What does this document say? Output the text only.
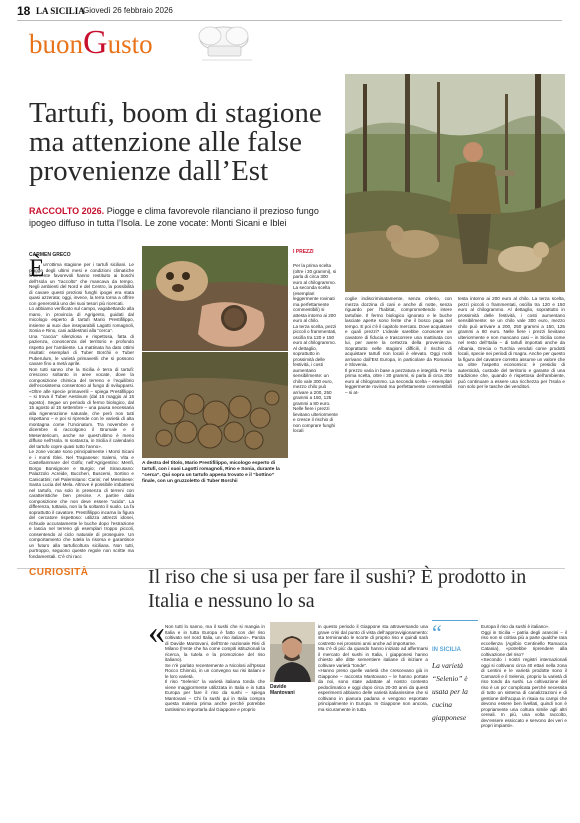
18 LA SICILIA
Giovedì 26 febbraio 2026
buonGusto
Tartufi, boom di stagione ma attenzione alle false provenienze dall’Est
RACCOLTO 2026. Piogge e clima favorevole rilanciano il prezioso fungo ipogeo diffuso in tutta l’Isola. Le zone vocate: Monti Sicani e Iblei
A destra del titolo, Mario Prestifilippo, micologo esperto di tartufi, con i suoi Lagotti romagnoli, Rino e Sonia, durante la “cerca”. Qui sopra un tartufo appena trovato e il “bottino” finale, con un gruzzoletto di Tuber Borchii
CARMEN GRECO
È
un’ottima stagione per i tartufi siciliani. Le piogge degli ultimi mesi e condizioni climatiche finalmente favorevoli hanno restituito ai boschi dell’Isola un “raccolto” che mancava da tempo. Negli ambienti del Nord e del Centro, la possibilità di cavare questi preziosi funghi ipogei era stata quasi azzerata; oggi, invece, la terra torna a offrire con generosità uno dei suoi tesori più ricercati.
Lo abbiamo verificato sul campo, vagabettando alla mano, in provincia di Agrigento, guidati dal micologo esperto di tartufi Mario Prestifilippo, insieme ai suoi due inseparabili Lagotti romagnoli, Sonia e Rino, cani addestrati alla “cerca”.
Una “caccia” silenziosa e rispettosa, fatta di pazienza, conoscenza del territorio e profondo rispetto per l’ambiente. La mattinata ha dato ottimi risultati: esemplari di Tuber Borchii e Tuber Puberulum, le varietà primaverili che si possono cavare fino a metà aprile.
Non tutti sanno che la Sicilia è terra di tartufi: crescono soltanto in aree vocate, dove la composizione chimica del terreno e l’equilibrio dell’ecosistema consentono al fungo di svilupparsi. «Oltre alle specie primaverili – spiega Prestifilippo – si trova il Tuber Aestivum (dal 15 maggio al 15 agosto). Segue un periodo di fermo biologico, dal 15 agosto al 15 settembre – una pausa necessaria alla rigenerazione naturale, che però non tutti rispettano – e poi si riprende con le varietà di alta montagna come l’Uncinatum. Tra novembre e dicembre si raccolgono il Brumale e il Mesentericum, anche se quest’ultimo è meno diffuso nell’Isola. In sostanza, in Sicilia il calendario del tartufo copre quasi tutto l’anno».
Le zone vocate sono principalmente i Monti Sicani e i monti Iblei. Nel Trapanese: Salemi, Vita e Castellammare del Golfo; nell’Agrigentino: Menfi, Borgo Bonsignore e Burgio; nel Siracusano: Palazzolo Acreide, Buccheri, Buscemi, Sortino e Canicattini; nel Palermitano: Carini; nel Messinese: Santa Lucia del Mela. Altrove è possibile imbattersi nel tartufo, ma solo in presenza di terreni con caratteristiche ben precise. A partire dalla composizione che non deve essere “acida”. La differenza, tuttavia, non la fa soltanto il suolo. La fa soprattutto il cavatore. Prestifilippo incarna la figura del cercatore rispettoso: utilizza attrezzi idonei, richiude accuratamente le buche dopo l’estrazione e lascia nel terreno gli esemplari troppo piccoli, consentendo al ciclo naturale di proseguire. Un comportamento che tutela la risorsa e garantisce un futuro alla tartuficoltura siciliana. Non tutti, purtroppo, seguono queste regole non scritte ma fondamentali. C’è chi racc
I PREZZI
Per la prima scelta (oltre i 30 grammi), si parla di circa 300 euro al chilogrammo. La seconda scelta (esemplari leggermente rovinati ma perfettamente commestibili) si attesta intorno ai 200 euro al chilo.
La terza scelta, pezzi piccoli o frammentati, oscilla tra 120 e 150 euro al chilogrammo.
Al dettaglio, soprattutto in prossimità delle festività, i costi aumentano sensibilmente: un chilo vale 300 euro, mezzo chilo può arrivare a 200, 250 grammi a 150, 125 grammi a 80 euro. Nelle fiere i prezzi lievitano ulteriormente e cresce il rischio di non comprare funghi locali
coglie indiscriminatamente, senza criterio, con mezza dozzina di cani e anche di notte, senza riguardo per l’habitat, compromettendo intere tartufaie. Il fermo biologico ignorato e le buche lasciate aperte sono ferite che il bosco paga nel tempo. E poi c’è il capitolo mercato. Dove acquistare e quali prezzi? L’ideale sarebbe conoscere un cavatore di fiducia e trascorrere una mattinata con lui, per avere la certezza della provenienza. Soprattutto nelle stagioni difficili, il rischio di acquistare tartufi non locali è elevato. Oggi molti arrivano dall’Est Europa, in particolare da Romania e Slovenia.
Il prezzo varia in base a pezzatura e integrità. Per la prima scelta, oltre i 30 grammi, si parla di circa 300 euro al chilogrammo. La seconda scelta – esemplari leggermente rovinati ma perfettamente commestibili – si at-
testa intorno ai 200 euro al chilo. La terza scelta, pezzi piccoli o frammentati, oscilla tra 120 e 150 euro al chilogrammo. Al dettaglio, soprattutto in prossimità delle festività, i costi aumentano sensibilmente: se un chilo vale 300 euro, mezzo chilo può arrivare a 200, 250 grammi a 150, 125 grammi a 80 euro. Nelle fiere i prezzi lievitano ulteriormente e non mancano casi – in Sicilia come nel resto dell’Italia – di tartufi importati anche da Albania, Grecia o Turchia venduti come prodotti locali, specie nei periodi di magra. Anche per questo la figura del cavatore corretto assume un valore che va oltre l’aspetto economico: è presidio di autenticità, custode del territorio e garante di una tradizione che, quando è rispettosa dell’ambiente, può continuare a essere una ricchezza per l’Isola e non solo per le tasche dei venditori.
CURIOSITÀ	Il riso che si usa per fare il sushi? È prodotto in Italia e nessuno lo sa
« Non tutti lo sanno, ma il sushi che si mangia in Italia e in tutta Europa è fatto con del riso coltivato nel nord Italia, un riso italiano». Parola di Davide Mantovani, dell’Ente nazionale Risi di Milano (l’ente che ha come compiti istituzionali la ricerca, la tutela e la promozione del riso italiano).
Se n’è parlato recentemente a Nicolosi all’Ipssat Rocco Chinnici, in un convegno sui risi italiani e le loro varietà.
Il riso “Selenio” la varietà italiana tonda che viene maggiormente utilizzata in Italia e in tutta Europa per fare il riso da sushi – spiega Mantovani – Chi fa sushi qui in Italia compra questa materia prima anche perché potrebbe tantissimo importarla dal Giappone e proprio
Davide Mantovani
in questo periodo il Giappone sta attraversando una grave crisi dal punto di vista dell’approvvigionamento: sta terminando le scorte di proprio riso e quindi sarà costretto nei prossimi anni anche ad importarne.
Ma c’è di più: da quando hanno iniziato ad affermarsi il mercato del sushi in Italia, i giapponesi hanno chiesto alle ditte sementiere italiane di iniziare a coltivare varietà “tonde”.
«Hanno preso quelle varietà che crescevano già in Giappone – racconta Mantovano – le hanno portate da noi, sono state adattate al nostro contesto pedoclimatico e oggi dopo circa 20-30 anni da questi esperimenti abbiamo delle varietà italianissime che si coltivano in pianura padana e vengono esportate principalmente in Europa. In Giappone non ancora, ma sicuramente in tutta
“
IN SICILIA
La varietà “Selenio” è usata per la cucina giapponese
Europa il riso da sushi è italiano».
Oggi in Sicilia – patria degli arancini – il riso non si coltiva più a parte qualche rara eccellenza (Agribio Centinello Ramacca Catania), «potrebbe riprendere alla coltivazione del riso?
«Secondo i nostri registri internazionali oggi si coltivano circa 40 ettari nella zona di Lentini e le varietà prodotte sono il Carnaroli e il Selenio, proprio la varietà di riso tondo da sushi. La coltivazione del riso è un po’ complicata perché necessita di tutto un sistema di canalizzazioni e di gestione dell’acqua in risaia su campi che devono essere ben livellati, quindi non è propriamente una coltura simile agli altri cereali. In più, una volta raccolto, dev’essere essiccato e servono dei veri e propri impianti».
